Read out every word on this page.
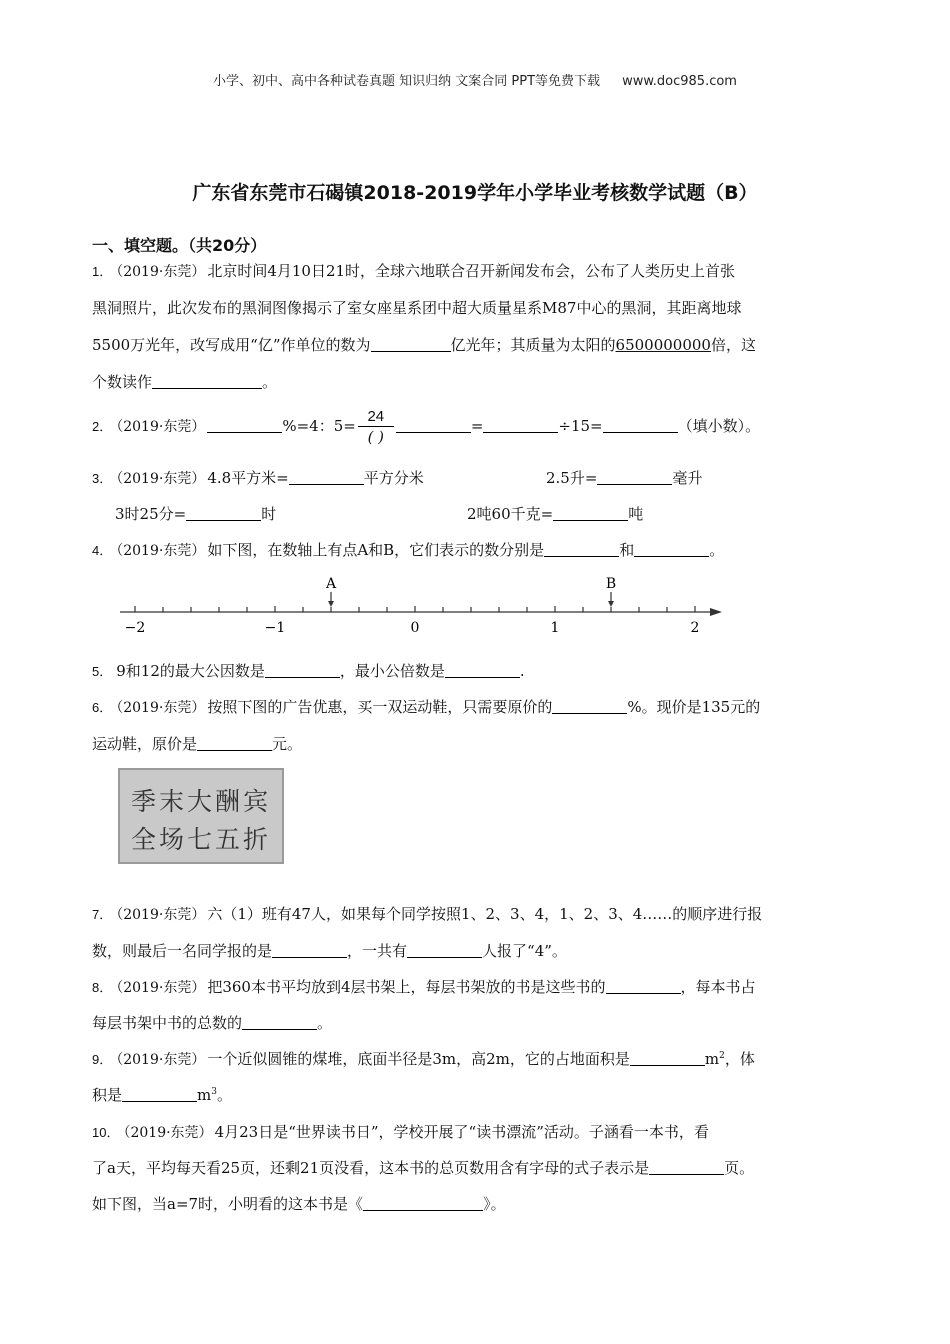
小学、初中、高中各种试卷真题 知识归纳 文案合同 PPT等免费下载 www.doc985.com
广东省东莞市石碣镇2018-2019学年小学毕业考核数学试题（B）
一、填空题。（共20分）
1． （2019·东莞） 北京时间4月10日21时，全球六地联合召开新闻发布会，公布了人类历史上首张
黑洞照片，此次发布的黑洞图像揭示了室女座星系团中超大质量星系M87中心的黑洞，其距离地球
5500万光年，改写成用“亿”作单位的数为	亿光年；其质量为太阳的6500000000倍，这
个数读作	。
2． （2019·东莞）	%=4：$5= \frac{24}{( )}$	=	÷15=	（填小数）。
3． （2019·东莞） 4.8平方米=	平方分米	2.5升=	毫升
3时25分=	时	2吨60千克=	吨
4． （2019·东莞） 如下图，在数轴上有点A和B，它们表示的数分别是	和	。
−2	−1	0	1	2
A	B
5． 9和12的最大公因数是	，最小公倍数是	.
6． （2019·东莞） 按照下图的广告优惠，买一双运动鞋，只需要原价的	%。现价是135元的
运动鞋，原价是	元。
季末大酬宾
全场七五折
7． （2019·东莞） 六（1）班有47人，如果每个同学按照1、2、3、4，1、2、3、4……的顺序进行报
数，则最后一名同学报的是	，一共有	人报了“4”。
8． （2019·东莞） 把360本书平均放到4层书架上，每层书架放的书是这些书的	，每本书占
每层书架中书的总数的	。
9． （2019·东莞） 一个近似圆锥的煤堆，底面半径是3m，高2m，它的占地面积是	$m^2$，体
积是	$m^3$。
10． （2019·东莞） 4月23日是“世界读书日”，学校开展了“读书漂流”活动。子涵看一本书，看
了a天，平均每天看25页，还剩21页没看，这本书的总页数用含有字母的式子表示是	页。
如下图，当a=7时，小明看的这本书是《	》。
